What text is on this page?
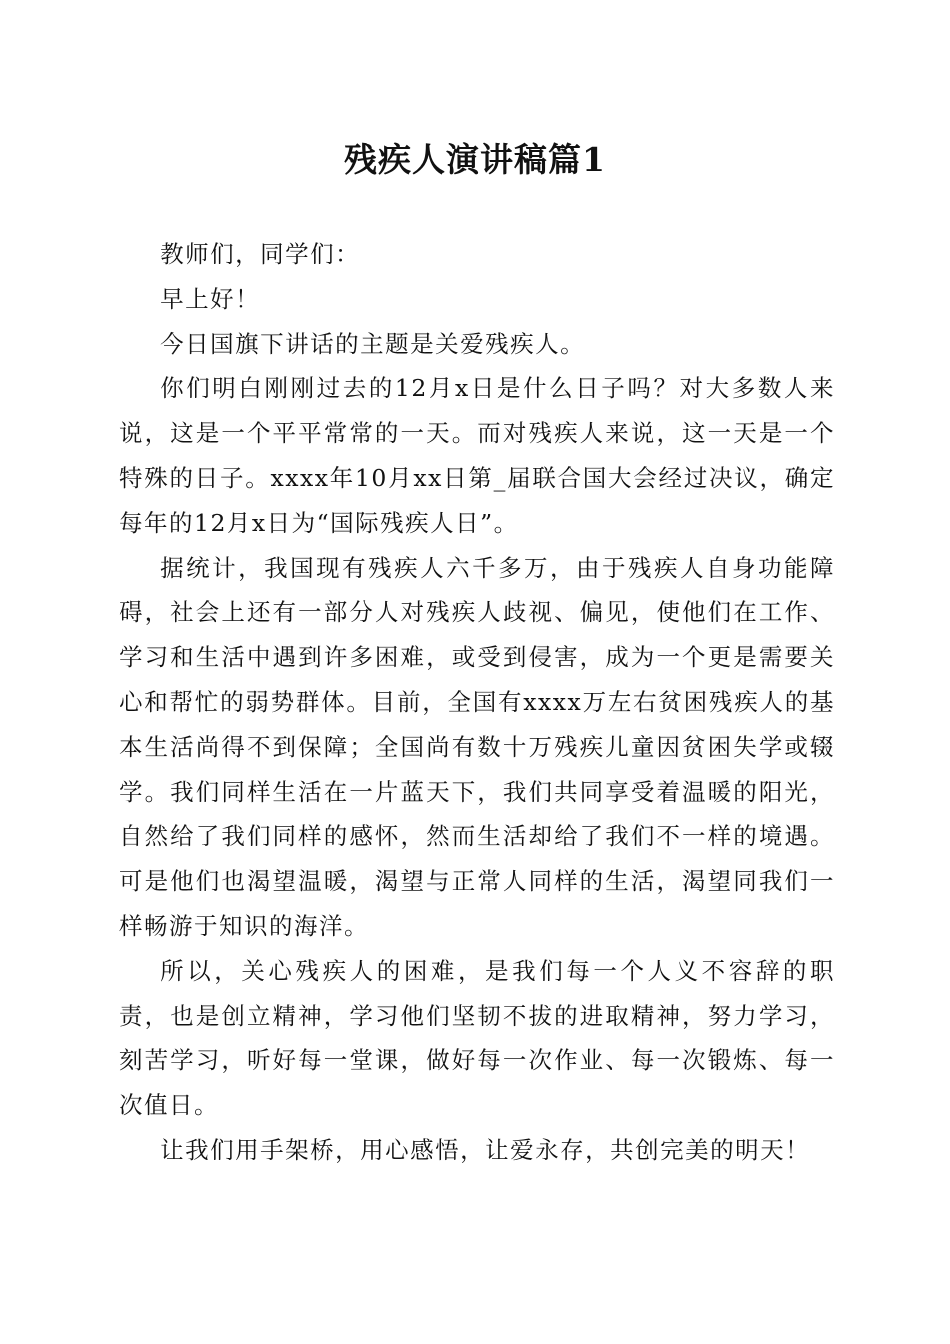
残疾人演讲稿篇1

教师们，同学们：

早上好！

今日国旗下讲话的主题是关爱残疾人。

你们明白刚刚过去的12月x日是什么日子吗？对大多数人来说，这是一个平平常常的一天。而对残疾人来说，这一天是一个特殊的日子。xxxx年10月xx日第_届联合国大会经过决议，确定每年的12月x日为“国际残疾人日”。

据统计，我国现有残疾人六千多万，由于残疾人自身功能障碍，社会上还有一部分人对残疾人歧视、偏见，使他们在工作、学习和生活中遇到许多困难，或受到侵害，成为一个更是需要关心和帮忙的弱势群体。目前，全国有xxxx万左右贫困残疾人的基本生活尚得不到保障；全国尚有数十万残疾儿童因贫困失学或辍学。我们同样生活在一片蓝天下，我们共同享受着温暖的阳光，自然给了我们同样的感怀，然而生活却给了我们不一样的境遇。可是他们也渴望温暖，渴望与正常人同样的生活，渴望同我们一样畅游于知识的海洋。

所以，关心残疾人的困难，是我们每一个人义不容辞的职责，也是创立精神，学习他们坚韧不拔的进取精神，努力学习，刻苦学习，听好每一堂课，做好每一次作业、每一次锻炼、每一次值日。

让我们用手架桥，用心感悟，让爱永存，共创完美的明天！
